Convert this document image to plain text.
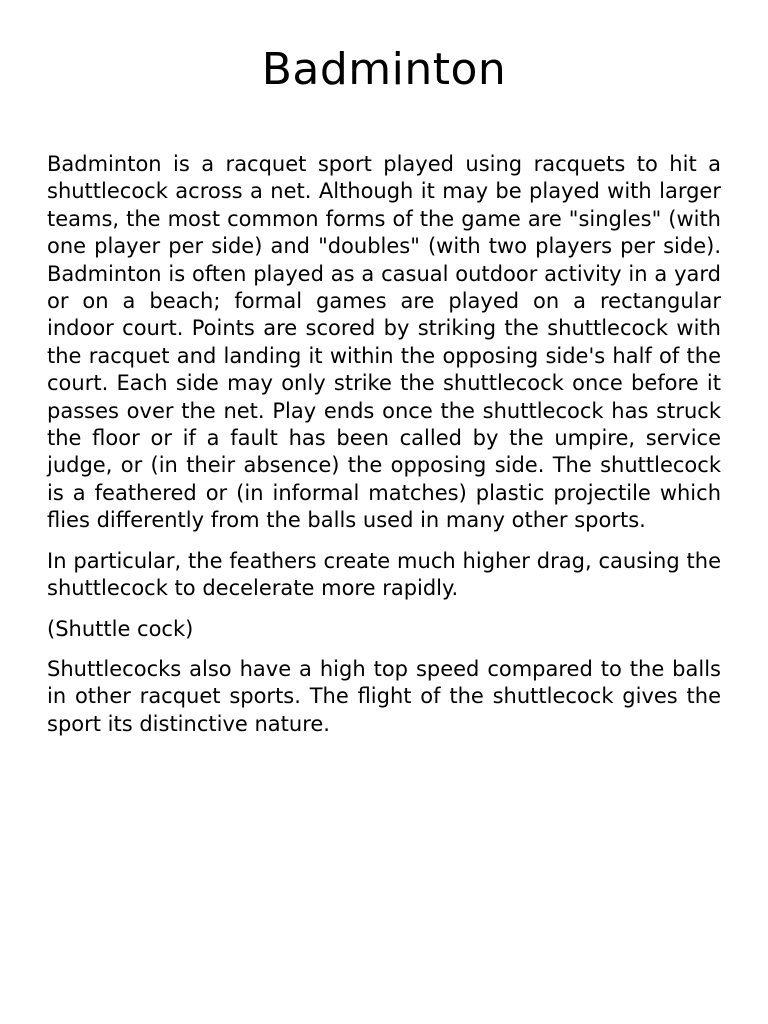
Badminton

Badminton is a racquet sport played using racquets to hit a shuttlecock across a net. Although it may be played with larger teams, the most common forms of the game are "singles" (with one player per side) and "doubles" (with two players per side). Badminton is often played as a casual outdoor activity in a yard or on a beach; formal games are played on a rectangular indoor court. Points are scored by striking the shuttlecock with the racquet and landing it within the opposing side's half of the court. Each side may only strike the shuttlecock once before it passes over the net. Play ends once the shuttlecock has struck the floor or if a fault has been called by the umpire, service judge, or (in their absence) the opposing side. The shuttlecock is a feathered or (in informal matches) plastic projectile which flies differently from the balls used in many other sports.

In particular, the feathers create much higher drag, causing the shuttlecock to decelerate more rapidly.

(Shuttle cock)

Shuttlecocks also have a high top speed compared to the balls in other racquet sports. The flight of the shuttlecock gives the sport its distinctive nature.
